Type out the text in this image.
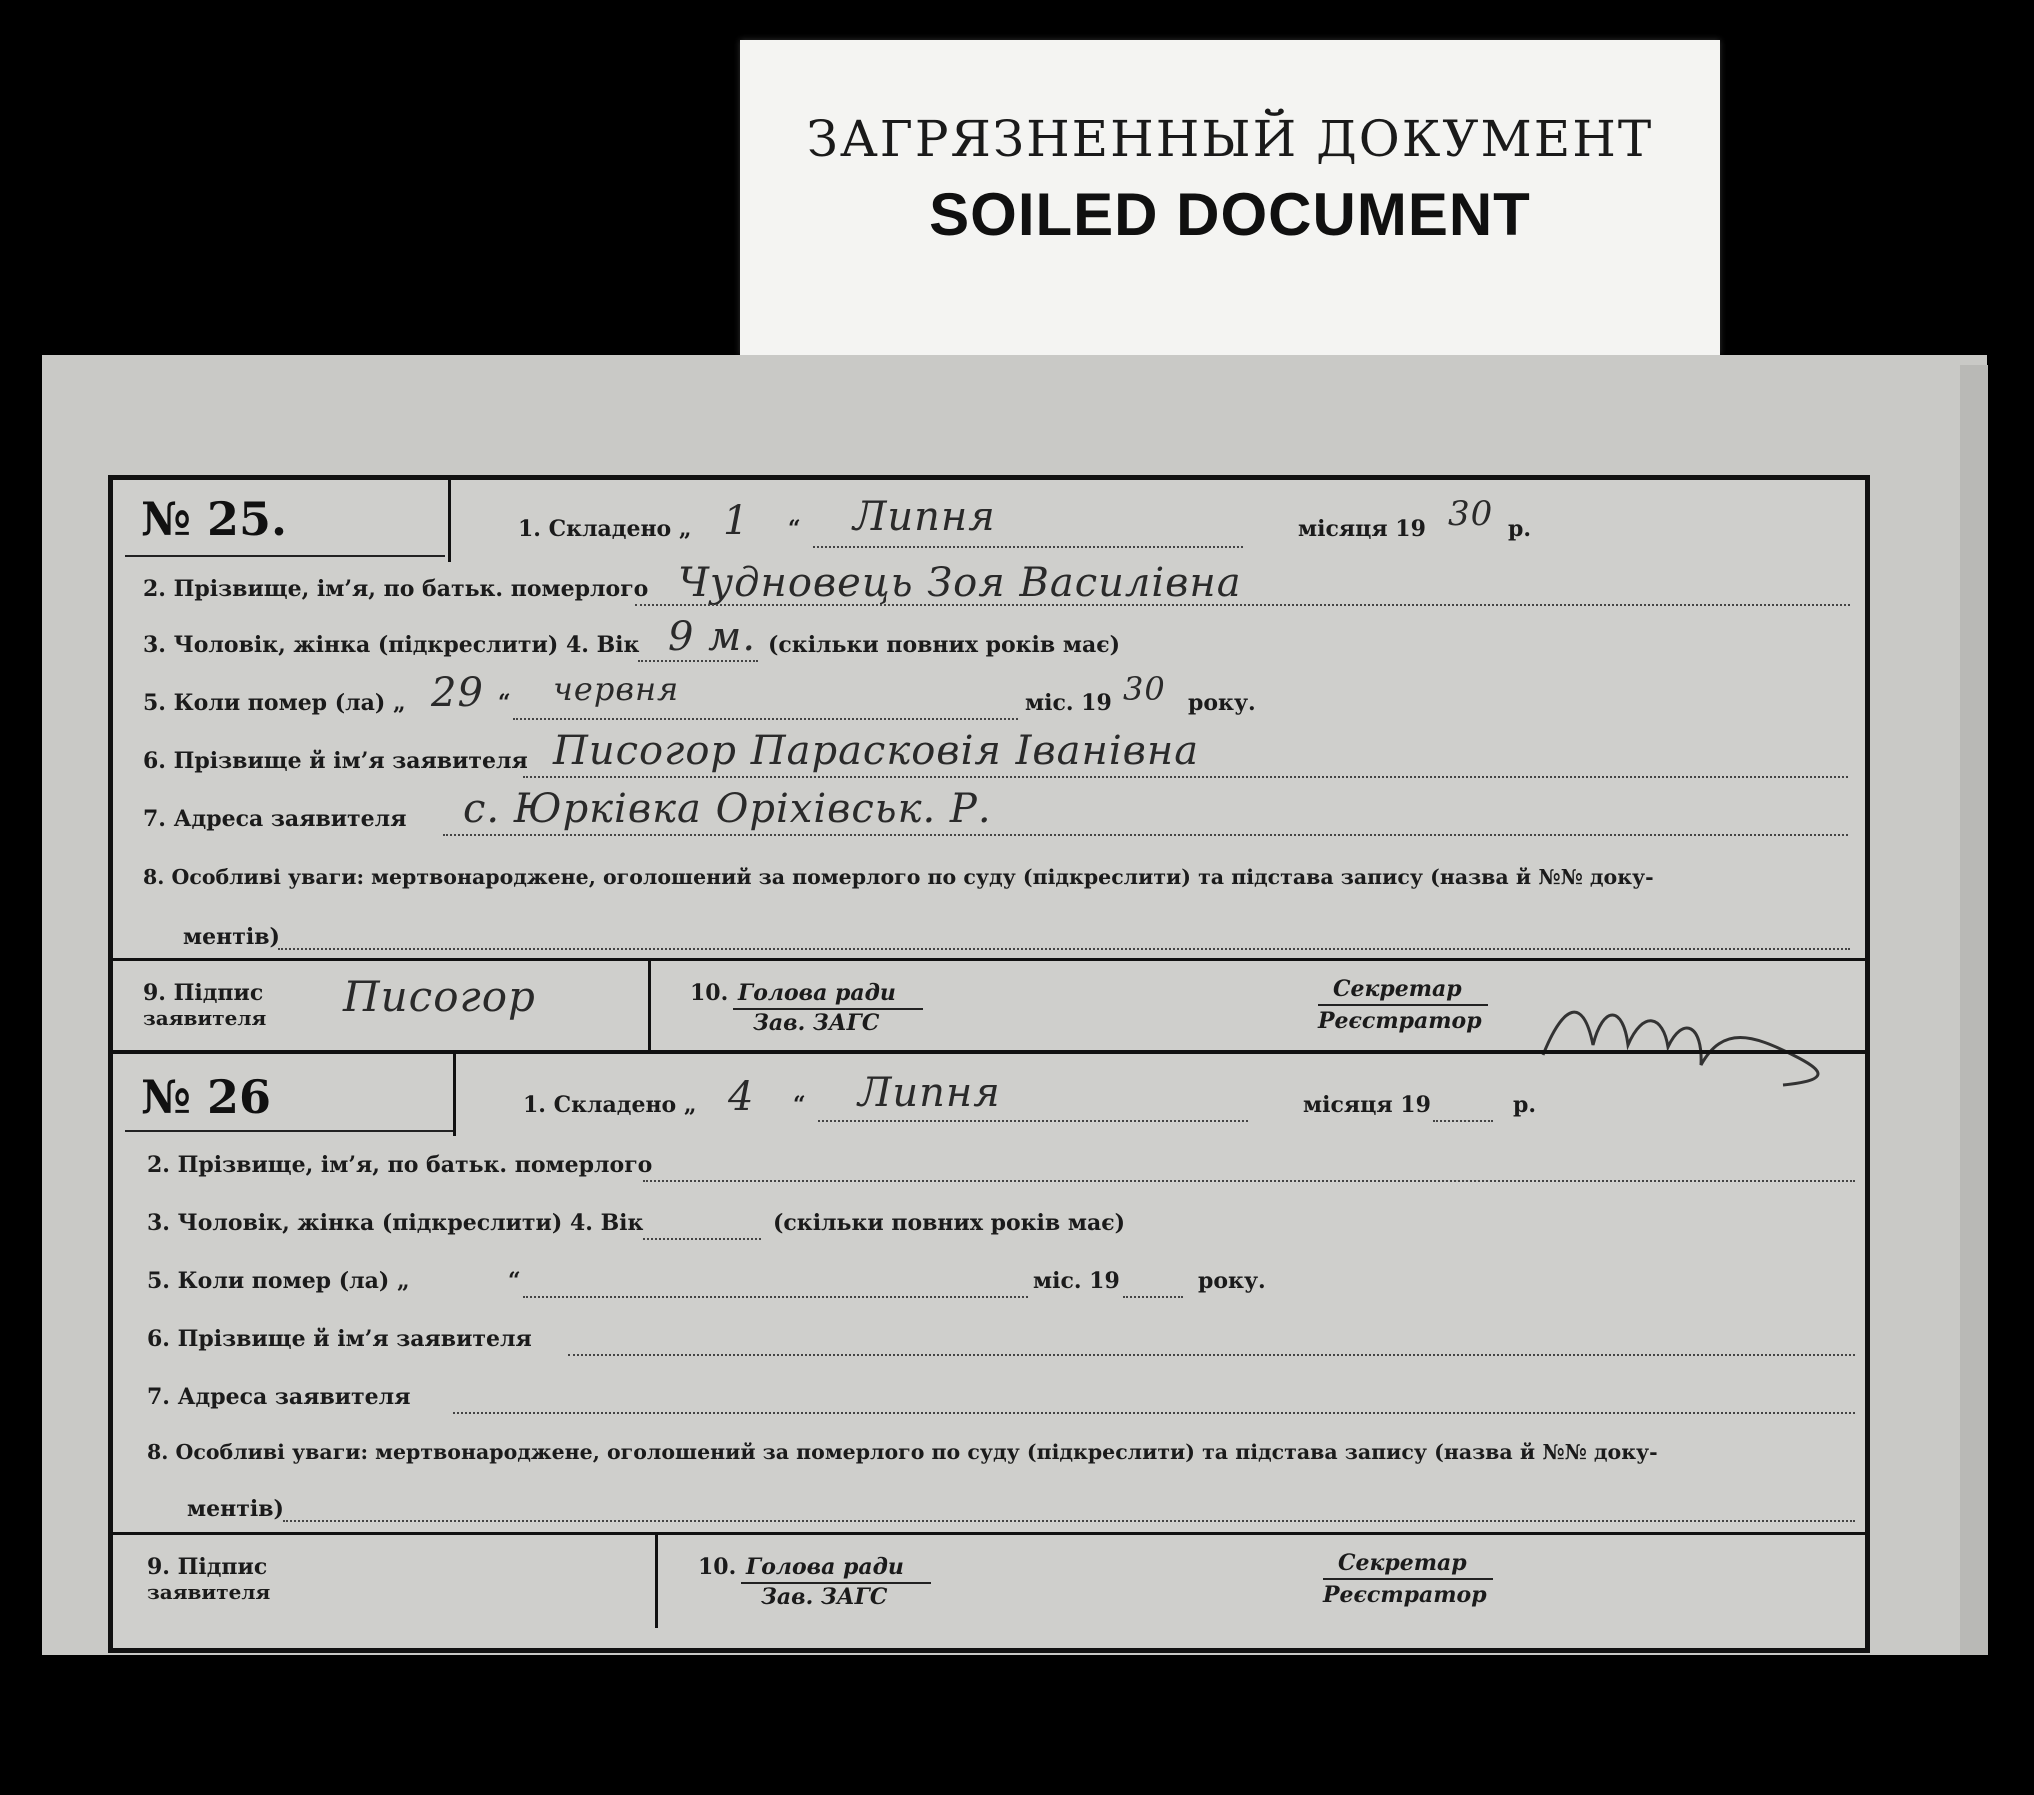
ЗАГРЯЗНЕННЫЙ ДОКУМЕНТ
SOILED DOCUMENT
№ 25.	1. Складено „ 1 “ Липня	місяця 19 30 р.
2. Прізвище, ім’я, по батьк. померлого Чудновець Зоя Василівна
3. Чоловік, жінка (підкреслити) 4. Вік 9 м. (скільки повних років має)
5. Коли помер (ла) „ 29 “ червня	міс. 19 30 року.
6. Прізвище й ім’я заявителя Писогор Парасковія Іванівна
7. Адреса заявителя с. Юрківка Оріхівськ. Р.
8. Особливі уваги: мертвонароджене, оголошений за померлого по суду (підкреслити) та підстава запису (назва й №№ доку-
ментів)
9. Підпис
заявителя Писогор	10. Голова ради
Зав. ЗАГС
Секретар
Реєстратор
№ 26	1. Складено „ 4 “ Липня	місяця 19	р.
2. Прізвище, ім’я, по батьк. померлого
3. Чоловік, жінка (підкреслити) 4. Вік	(скільки повних років має)
5. Коли помер (ла) „	“	міс. 19	року.
6. Прізвище й ім’я заявителя
7. Адреса заявителя
8. Особливі уваги: мертвонароджене, оголошений за померлого по суду (підкреслити) та підстава запису (назва й №№ доку-
ментів)
9. Підпис
заявителя
10. Голова ради
Зав. ЗАГС
Секретар
Реєстратор
